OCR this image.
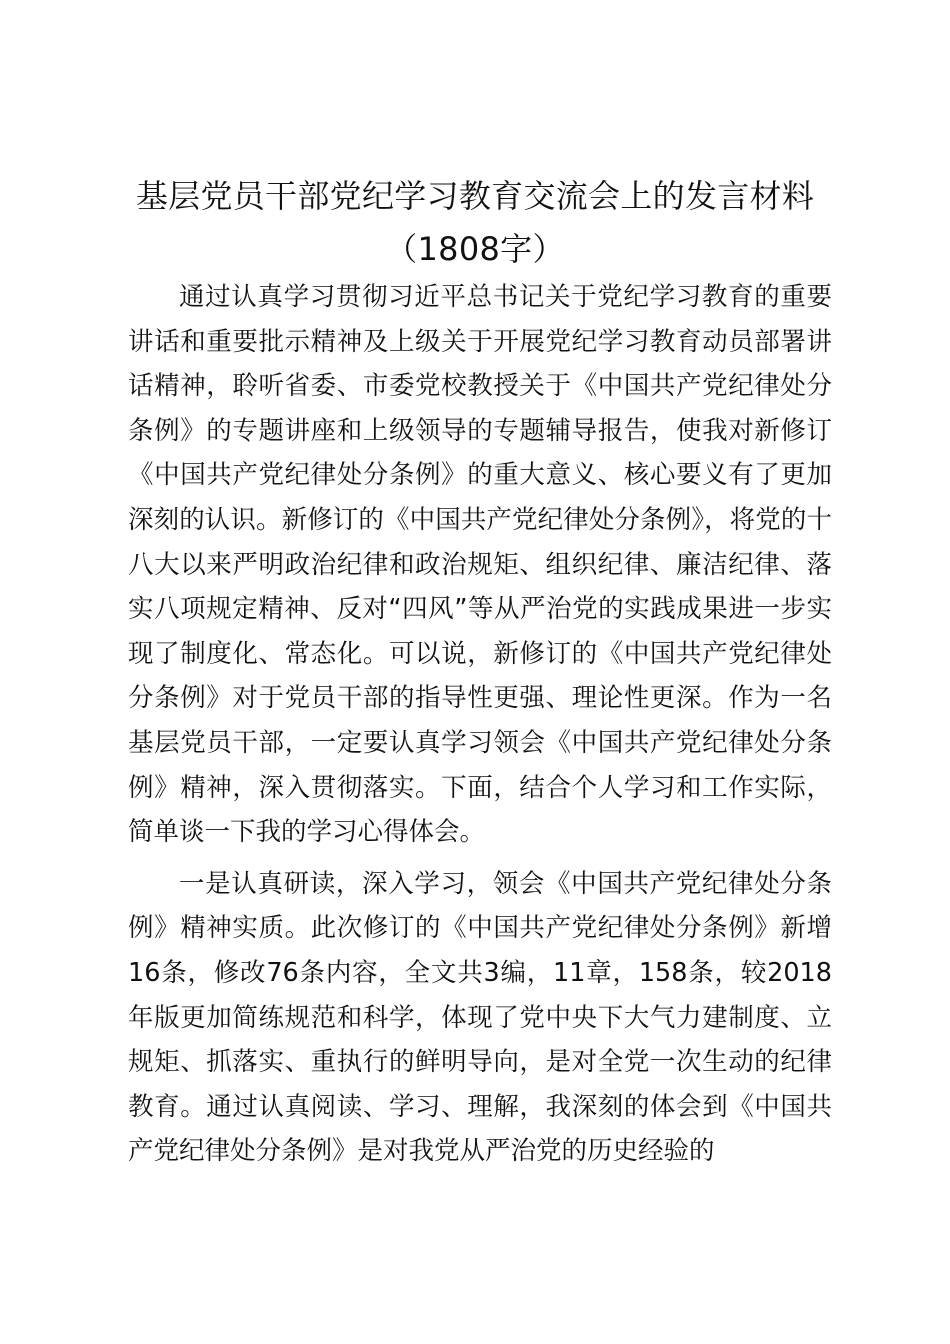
基层党员干部党纪学习教育交流会上的发言材料（1808字）

通过认真学习贯彻习近平总书记关于党纪学习教育的重要讲话和重要批示精神及上级关于开展党纪学习教育动员部署讲话精神，聆听省委、市委党校教授关于《中国共产党纪律处分条例》的专题讲座和上级领导的专题辅导报告，使我对新修订《中国共产党纪律处分条例》的重大意义、核心要义有了更加深刻的认识。新修订的《中国共产党纪律处分条例》，将党的十八大以来严明政治纪律和政治规矩、组织纪律、廉洁纪律、落实八项规定精神、反对“四风”等从严治党的实践成果进一步实现了制度化、常态化。可以说，新修订的《中国共产党纪律处分条例》对于党员干部的指导性更强、理论性更深。作为一名基层党员干部，一定要认真学习领会《中国共产党纪律处分条例》精神，深入贯彻落实。下面，结合个人学习和工作实际，简单谈一下我的学习心得体会。

一是认真研读，深入学习，领会《中国共产党纪律处分条例》精神实质。此次修订的《中国共产党纪律处分条例》新增16条，修改76条内容，全文共3编，11章，158条，较2018年版更加简练规范和科学，体现了党中央下大气力建制度、立规矩、抓落实、重执行的鲜明导向，是对全党一次生动的纪律教育。通过认真阅读、学习、理解，我深刻的体会到《中国共产党纪律处分条例》是对我党从严治党的历史经验的
